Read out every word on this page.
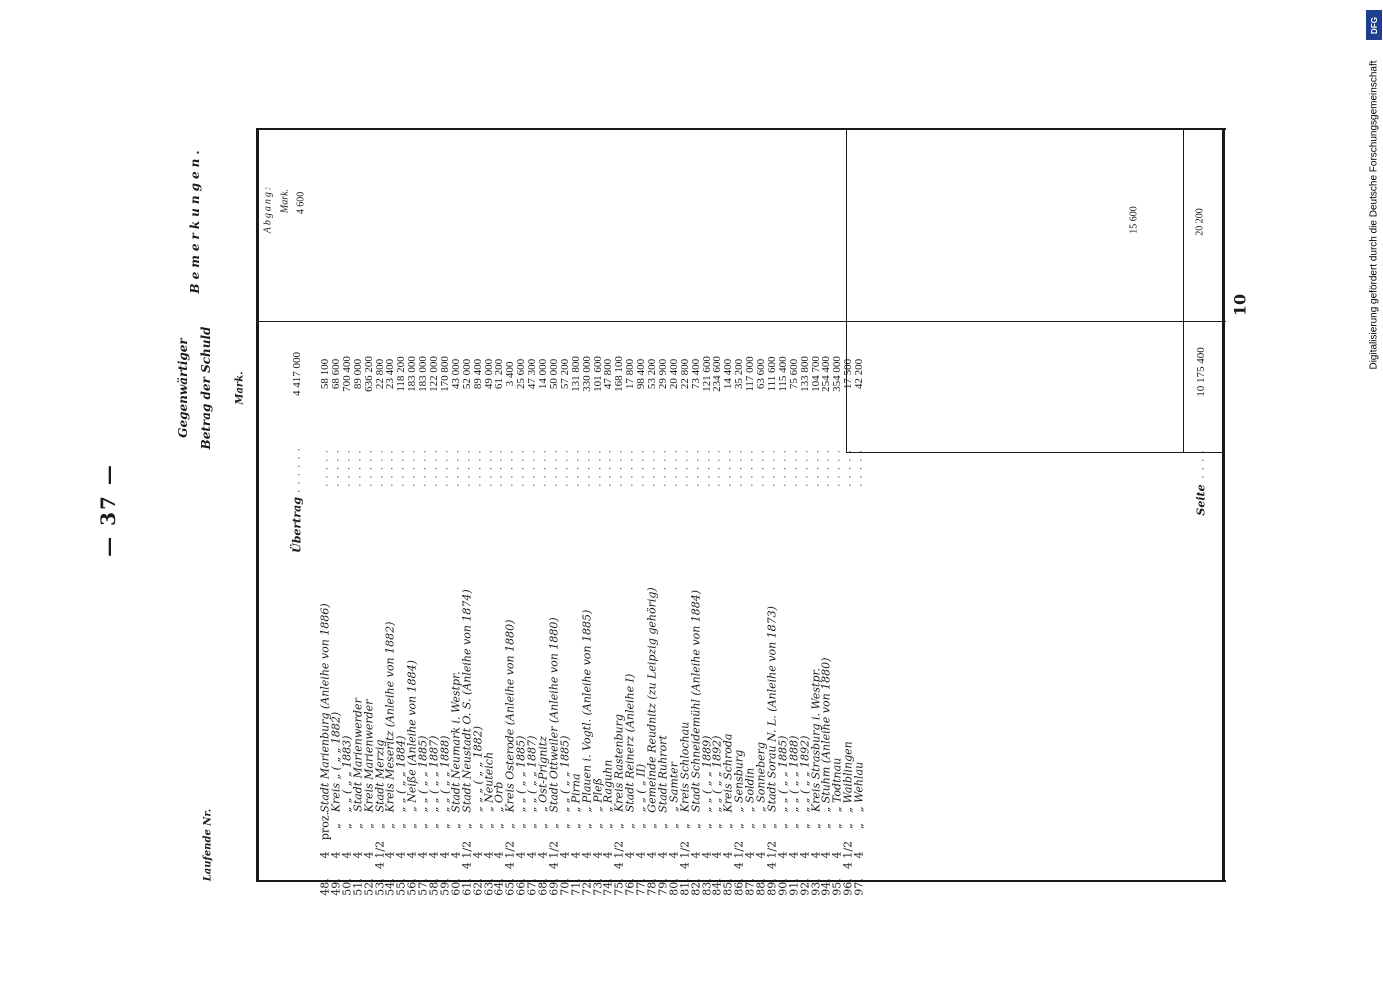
— 37 —
10	Digitalisierung gefördert durch die Deutsche Forschungsgemeinschaft
DFG
Laufende Nr.
Gegenwärtiger Betrag der Schuld Mark.
Bemerkungen.
Übertrag
. . . . . .
4 417 000
48.
4
proz.
Stadt Marienburg (Anleihe von 1886)
58 100
. . . . .
49.
4
„
Kreis „ ( „ „ 1882)
68 600
. . . . .
50.
4
„
„ „ ( „ „ 1883)
700 400
. . . . .
51.
4
„
Stadt Marienwerder
89 000
. . . . .
52.
4
„
Kreis Marienwerder
636 200
. . . . .
53.
4 1/2
„
Stadt Merzig
22 800
. . . . .
54.
4
„
Kreis Meseritz (Anleihe von 1882)
23 400
. . . . .
55.
4
„
„ „ ( „ „ 1884)
118 200
. . . . .
56.
4
„
„ Neiße (Anleihe von 1884)
183 000
. . . . .
57.
4
„
„ „ ( „ „ 1885)
183 000
. . . . .
58.
4
„
„ „ ( „ „ 1887)
122 000
. . . . .
59.
4
„
„ „ ( „ „ 1888)
170 800
. . . . .
60.
4
„
Stadt Neumark i. Westpr.
43 000
. . . . .
61.
4 1/2
„
Stadt Neustadt O. S. (Anleihe von 1874)
52 000
. . . . .
62.
4
„
„ „ „ ( „ „ 1882)
89 400
. . . . .
63.
4
„
„ Neuteich
49 000
. . . . .
64.
4
„
„ Orb
61 200
. . . . .
65.
4 1/2
„
Kreis Osterode (Anleihe von 1880)
3 400
. . . . .
66.
4
„
„ „ ( „ „ 1885)
25 600
. . . . .
67.
4
„
„ „ ( „ „ 1887)
47 300
. . . . .
68.
4
„
„ Ost-Prignitz
14 000
. . . . .
69.
4 1/2
„
Stadt Ottweiler (Anleihe von 1880)
50 000
. . . . .
70.
4
„
„ „ ( „ „ 1885)
57 200
. . . . .
71.
4
„
„ Pirna
131 800
. . . . .
72.
4
„
„ Plauen i. Vogtl. (Anleihe von 1885)
330 000
. . . . .
73.
4
„
„ Pleß
101 600
. . . . .
74.
4
„
„ Raguhn
47 800
. . . . .
75.
4 1/2
„
Kreis Rastenburg
168 100
. . . . .
76.
4
„
Stadt Reinerz (Anleihe I)
17 800
. . . . .
77.
4
„
„ „ ( „ II)
98 400
. . . . .
78.
4
„
Gemeinde Reudnitz (zu Leipzig gehörig)
53 200
. . . . .
79.
4
„
Stadt Ruhrort
29 900
. . . . .
80.
4
„
„ Samter
20 400
. . . . .
81.
4 1/2
„
Kreis Schlochau
22 800
. . . . .
82.
4
„
Stadt Schneidemühl (Anleihe von 1884)
73 400
. . . . .
83.
4
„
„ „ ( „ „ 1889)
121 600
. . . . .
84.
4
„
„ „ ( „ „ 1892)
234 600
. . . . .
85.
4
„
Kreis Schroda
14 400
. . . . .
86.
4 1/2
„
„ Sensburg
35 200
. . . . .
87.
4
„
„ Soldin
117 000
. . . . .
88.
4
„
„ Sonneberg
63 600
. . . . .
89.
4 1/2
„
Stadt Sorau N. L. (Anleihe von 1873)
111 600
. . . . .
90.
4
„
„ „ ( „ „ 1885)
115 400
. . . . .
91.
4
„
„ „ ( „ „ 1888)
75 600
. . . . .
92.
4
„
„ „ ( „ „ 1892)
133 800
. . . . .
93.
4
„
Kreis Strasburg i. Westpr.
104 700
. . . . .
94.
4
„
„ Stuhm (Anleihe von 1880)
254 400
. . . . .
95.
4
„
„ Todtnau
354 000
. . . . .
96.
4 1/2
„
„ Waiblingen
17 500
. . . . .
97.
4
„
„ Wehlau
42 200
. . . . .
Seite
. . . .
10 175 400
Abgang: Mark. 4 600
15 600	20 200
